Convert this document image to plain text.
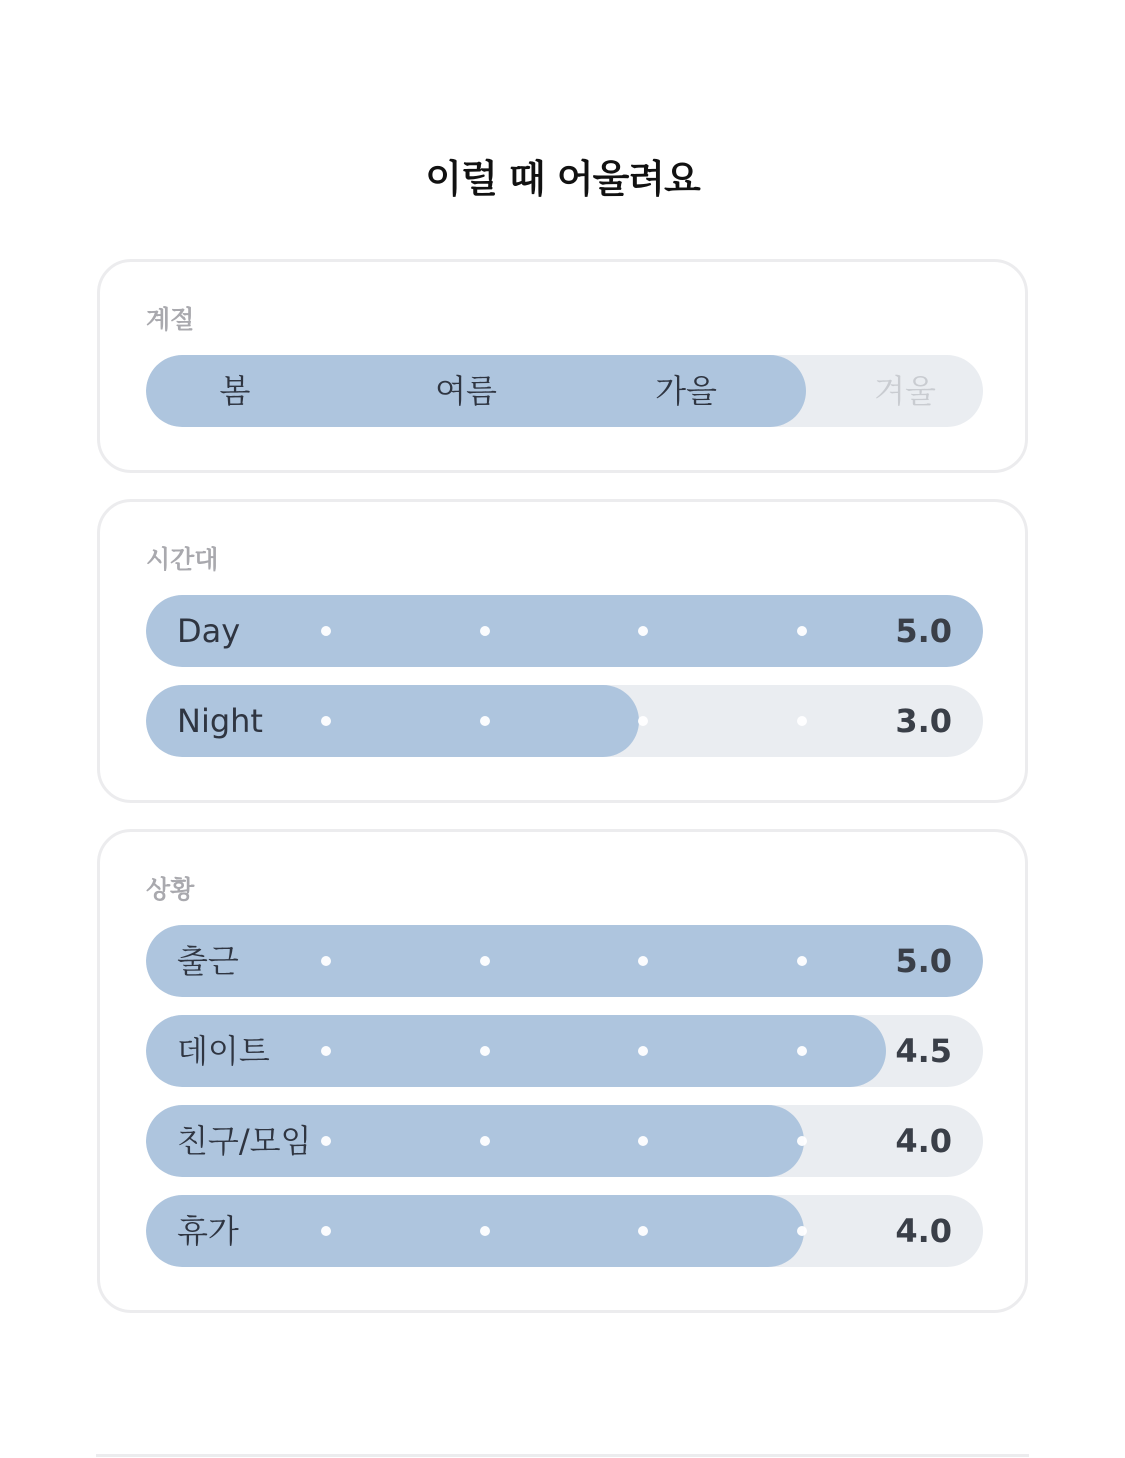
이럴 때 어울려요
계절
봄	여름	가을	겨울
시간대
Day	5.0
Night	3.0
상황
출근	5.0
데이트	4.5
친구/모임	4.0
휴가	4.0
